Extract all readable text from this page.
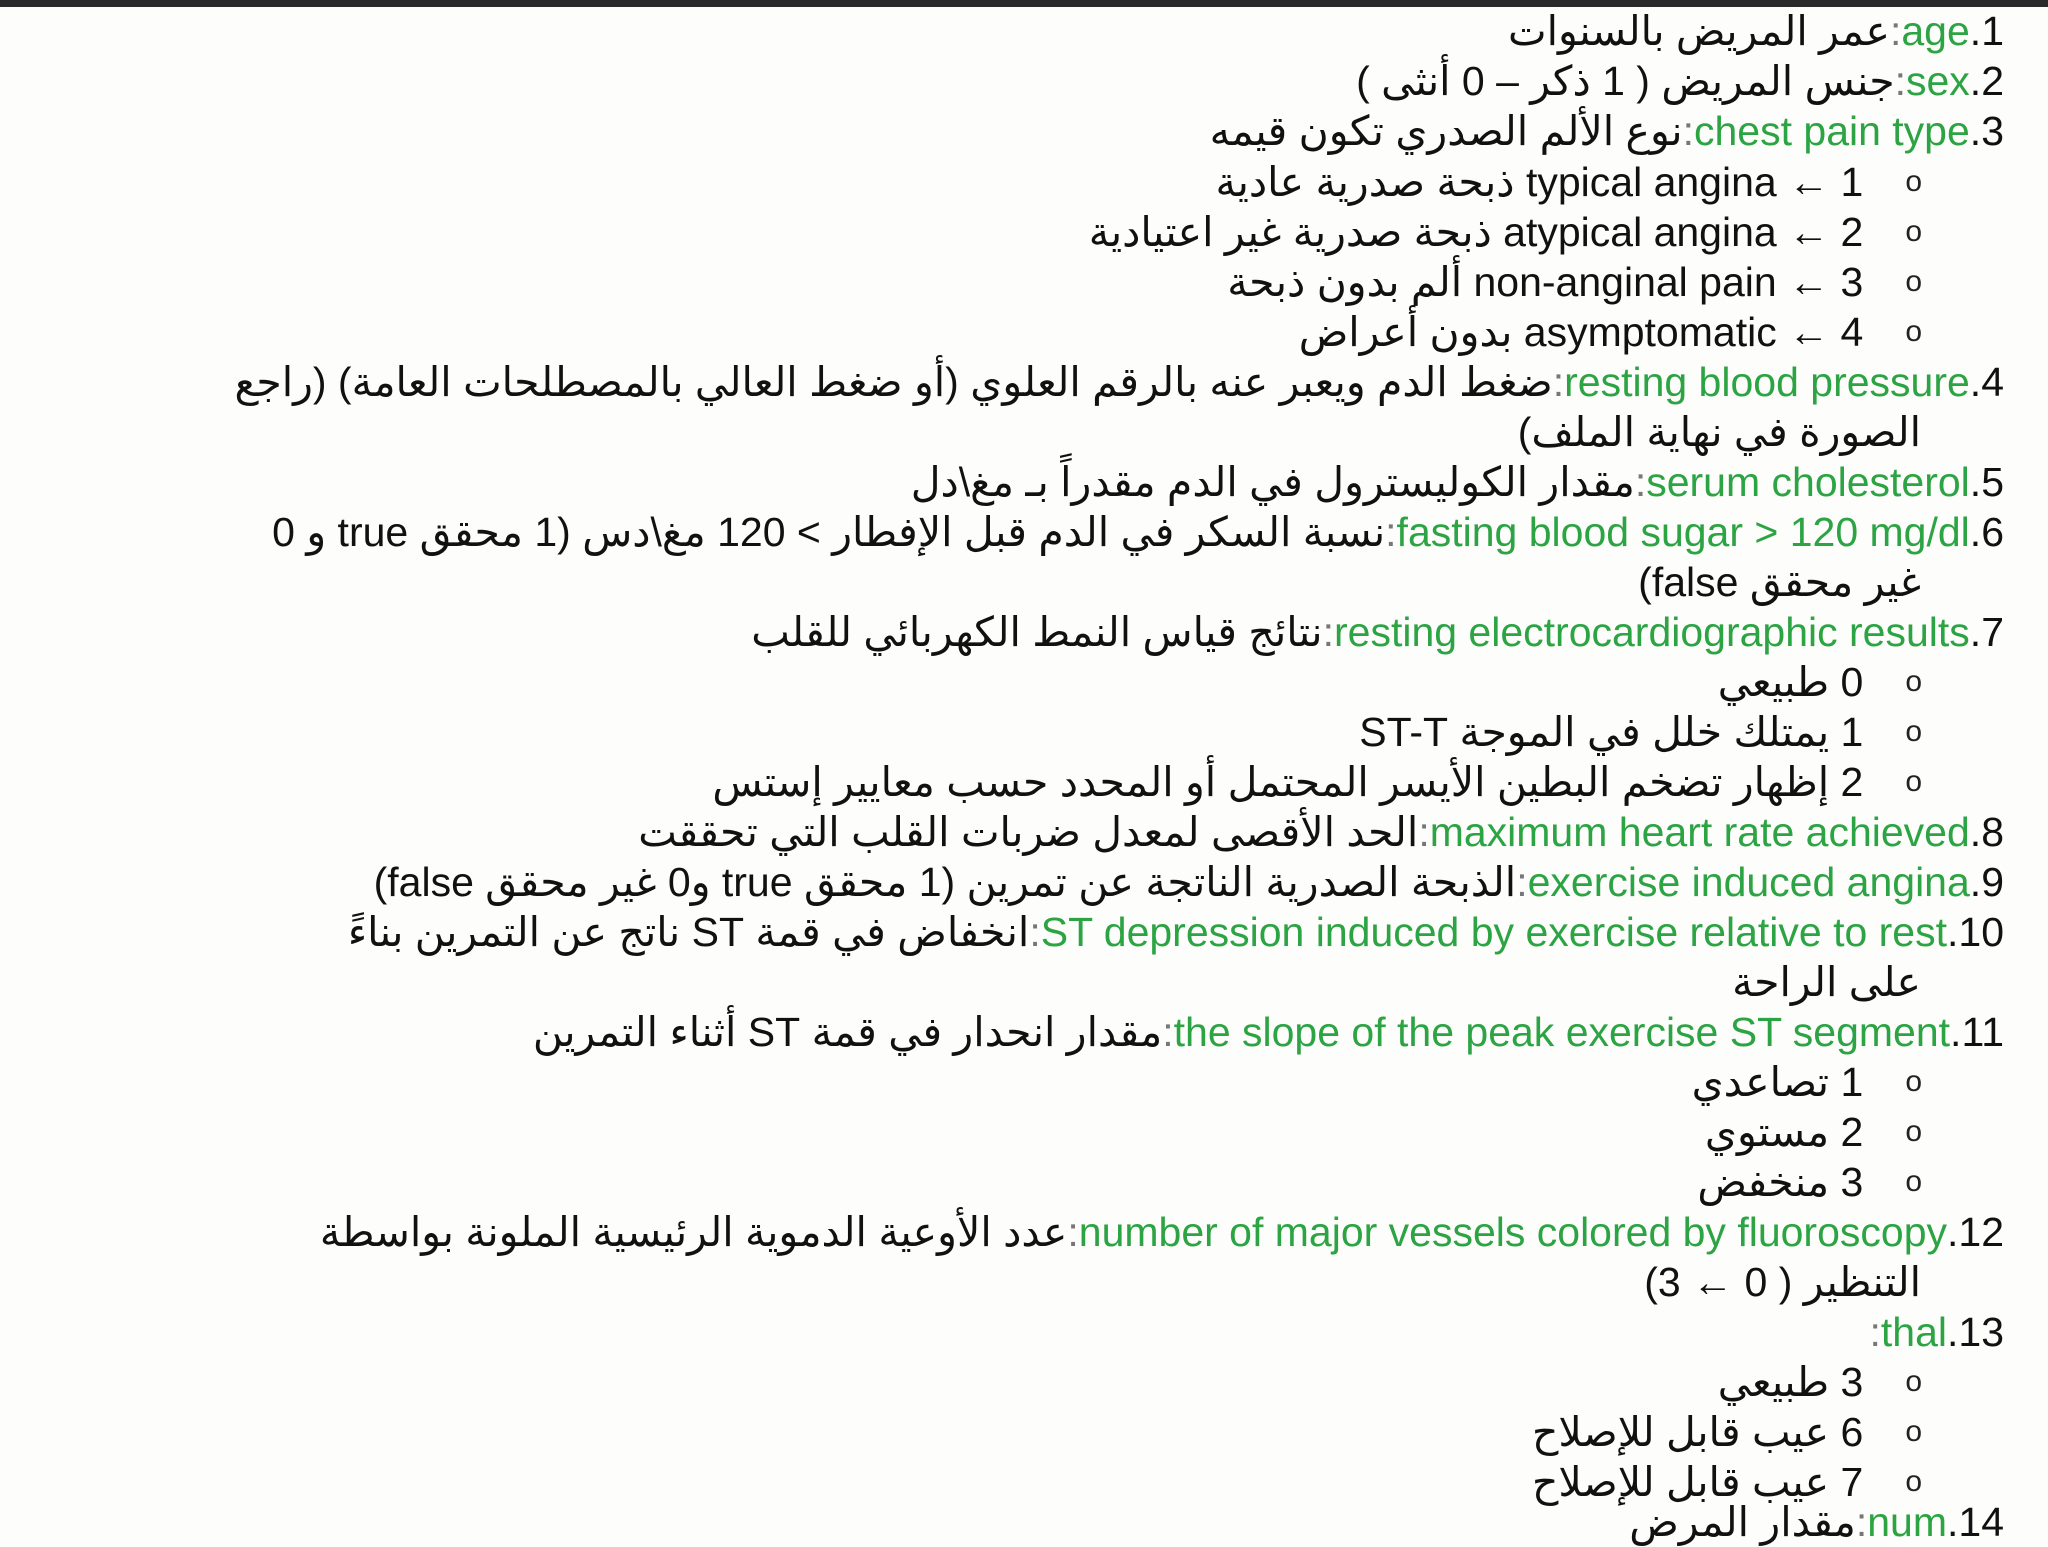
.1age:عمر المريض بالسنوات
.2sex:جنس المريض ( 1 ذكر – 0 أنثى )
.3chest pain type:نوع الألم الصدري تكون قيمه
o1 ← typical angina ذبحة صدرية عادية
o2 ← atypical angina ذبحة صدرية غير اعتيادية
o3 ← non-anginal pain ألم بدون ذبحة
o4 ← asymptomatic بدون أعراض
.4resting blood pressure:ضغط الدم ويعبر عنه بالرقم العلوي (أو ضغط العالي بالمصطلحات العامة) (راجع
الصورة في نهاية الملف)
.5serum cholesterol:مقدار الكوليسترول في الدم مقدراً بـ مغ\دل
.6fasting blood sugar > 120 mg/dl:نسبة السكر في الدم قبل الإفطار > 120 مغ\دس (1 محقق true و 0
غير محقق false)
.7resting electrocardiographic results:نتائج قياس النمط الكهربائي للقلب
o0 طبيعي
o1 يمتلك خلل في الموجة ST-T
o2 إظهار تضخم البطين الأيسر المحتمل أو المحدد حسب معايير إستس
.8maximum heart rate achieved:الحد الأقصى لمعدل ضربات القلب التي تحققت
.9exercise induced angina:الذبحة الصدرية الناتجة عن تمرين (1 محقق true و0 غير محقق false)
.10ST depression induced by exercise relative to rest:انخفاض في قمة ST ناتج عن التمرين بناءً
على الراحة
.11the slope of the peak exercise ST segment:مقدار انحدار في قمة ST أثناء التمرين
o1 تصاعدي
o2 مستوي
o3 منخفض
.12number of major vessels colored by fluoroscopy:عدد الأوعية الدموية الرئيسية الملونة بواسطة
التنظير ( 0 ← 3)
.13thal:
o3 طبيعي
o6 عيب قابل للإصلاح
o7 عيب قابل للإصلاح
.14num:مقدار المرض
